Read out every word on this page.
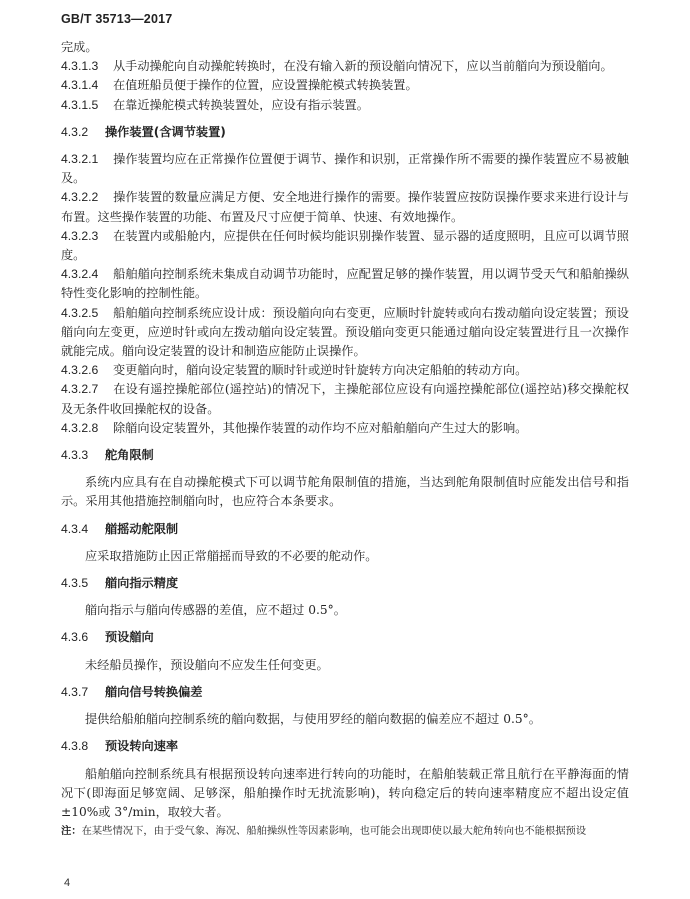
GB/T 35713—2017

完成。

4.3.1.3 从手动操舵向自动操舵转换时，在没有输入新的预设艏向情况下，应以当前艏向为预设艏向。

4.3.1.4 在值班船员便于操作的位置，应设置操舵模式转换装置。

4.3.1.5 在靠近操舵模式转换装置处，应设有指示装置。

4.3.2 操作装置(含调节装置)

4.3.2.1 操作装置均应在正常操作位置便于调节、操作和识别，正常操作所不需要的操作装置应不易被触及。

4.3.2.2 操作装置的数量应满足方便、安全地进行操作的需要。操作装置应按防误操作要求来进行设计与布置。这些操作装置的功能、布置及尺寸应便于简单、快速、有效地操作。

4.3.2.3 在装置内或船舱内，应提供在任何时候均能识别操作装置、显示器的适度照明，且应可以调节照度。

4.3.2.4 船舶艏向控制系统未集成自动调节功能时，应配置足够的操作装置，用以调节受天气和船舶操纵特性变化影响的控制性能。

4.3.2.5 船舶艏向控制系统应设计成：预设艏向向右变更，应顺时针旋转或向右拨动艏向设定装置；预设艏向向左变更，应逆时针或向左拨动艏向设定装置。预设艏向变更只能通过艏向设定装置进行且一次操作就能完成。艏向设定装置的设计和制造应能防止误操作。

4.3.2.6 变更艏向时，艏向设定装置的顺时针或逆时针旋转方向决定船舶的转动方向。

4.3.2.7 在设有遥控操舵部位(遥控站)的情况下，主操舵部位应设有向遥控操舵部位(遥控站)移交操舵权及无条件收回操舵权的设备。

4.3.2.8 除艏向设定装置外，其他操作装置的动作均不应对船舶艏向产生过大的影响。

4.3.3 舵角限制

系统内应具有在自动操舵模式下可以调节舵角限制值的措施，当达到舵角限制值时应能发出信号和指示。采用其他措施控制艏向时，也应符合本条要求。

4.3.4 艏摇动舵限制

应采取措施防止因正常艏摇而导致的不必要的舵动作。

4.3.5 艏向指示精度

艏向指示与艏向传感器的差值，应不超过 0.5°。

4.3.6 预设艏向

未经船员操作，预设艏向不应发生任何变更。

4.3.7 艏向信号转换偏差

提供给船舶艏向控制系统的艏向数据，与使用罗经的艏向数据的偏差应不超过 0.5°。

4.3.8 预设转向速率

船舶艏向控制系统具有根据预设转向速率进行转向的功能时，在船舶装载正常且航行在平静海面的情况下(即海面足够宽阔、足够深，船舶操作时无扰流影响)，转向稳定后的转向速率精度应不超出设定值±10%或 3°/min，取较大者。

注：在某些情况下，由于受气象、海况、船舶操纵性等因素影响，也可能会出现即使以最大舵角转向也不能根据预设

4
